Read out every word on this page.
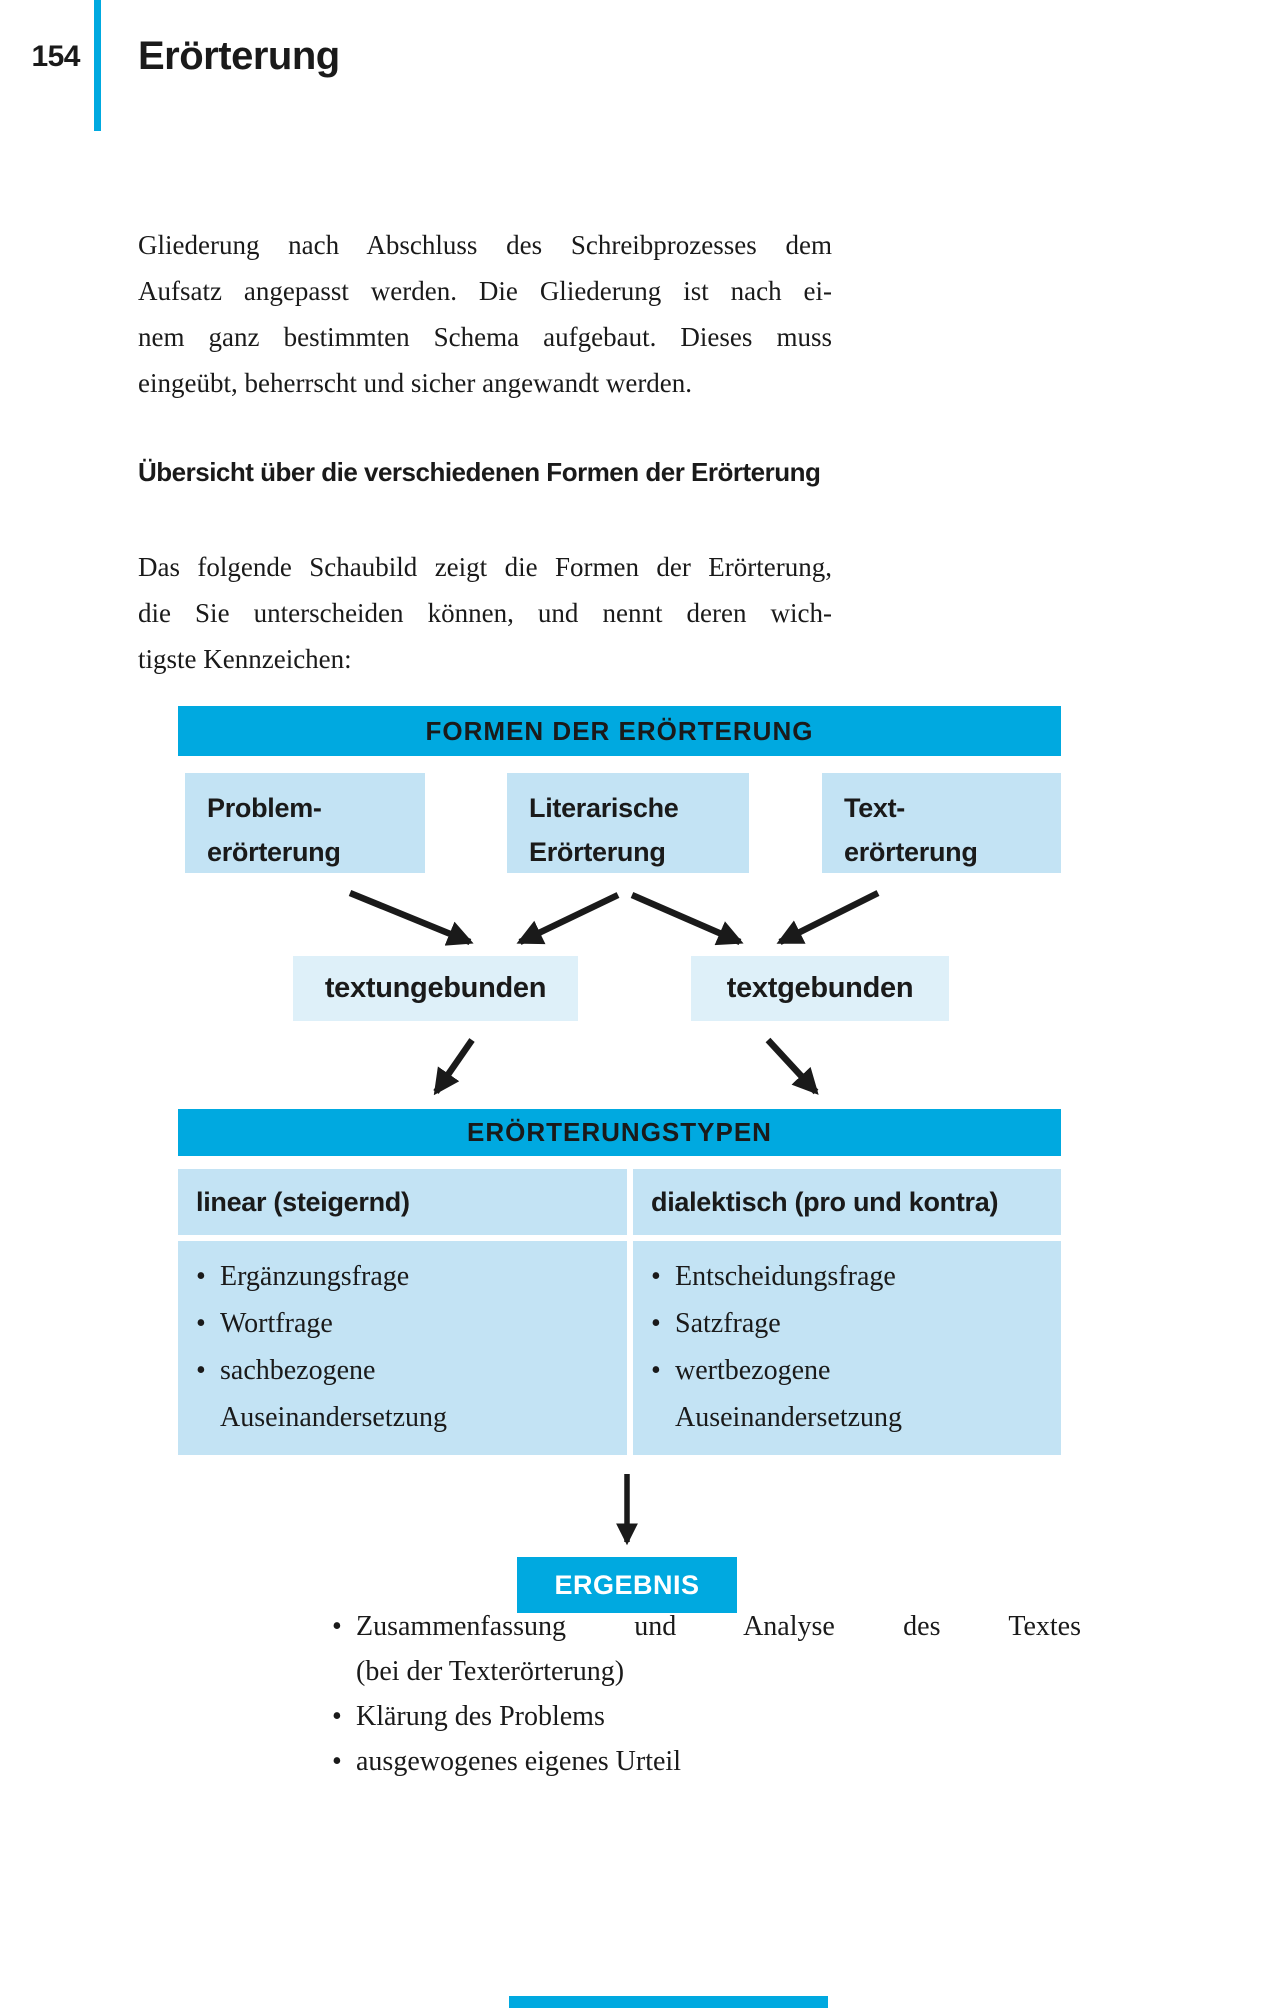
154 Erörterung
Gliederung nach Abschluss des Schreibprozesses dem
Aufsatz angepasst werden. Die Gliederung ist nach ei-
nem ganz bestimmten Schema aufgebaut. Dieses muss
eingeübt, beherrscht und sicher angewandt werden.
Übersicht über die verschiedenen Formen der Erörterung
Das folgende Schaubild zeigt die Formen der Erörterung,
die Sie unterscheiden können, und nennt deren wich-
tigste Kennzeichen:
FORMEN DER ERÖRTERUNG
Problem-
erörterung
Literarische
Erörterung
Text-
erörterung
textungebunden	textgebunden
ERÖRTERUNGSTYPEN
linear (steigernd)	dialektisch (pro und kontra)
• Ergänzungsfrage
• Wortfrage
• sachbezogene
Auseinandersetzung
• Entscheidungsfrage
• Satzfrage
• wertbezogene
Auseinandersetzung
ERGEBNIS
• Zusammenfassung und Analyse des Textes
(bei der Texterörterung)
• Klärung des Problems
• ausgewogenes eigenes Urteil
